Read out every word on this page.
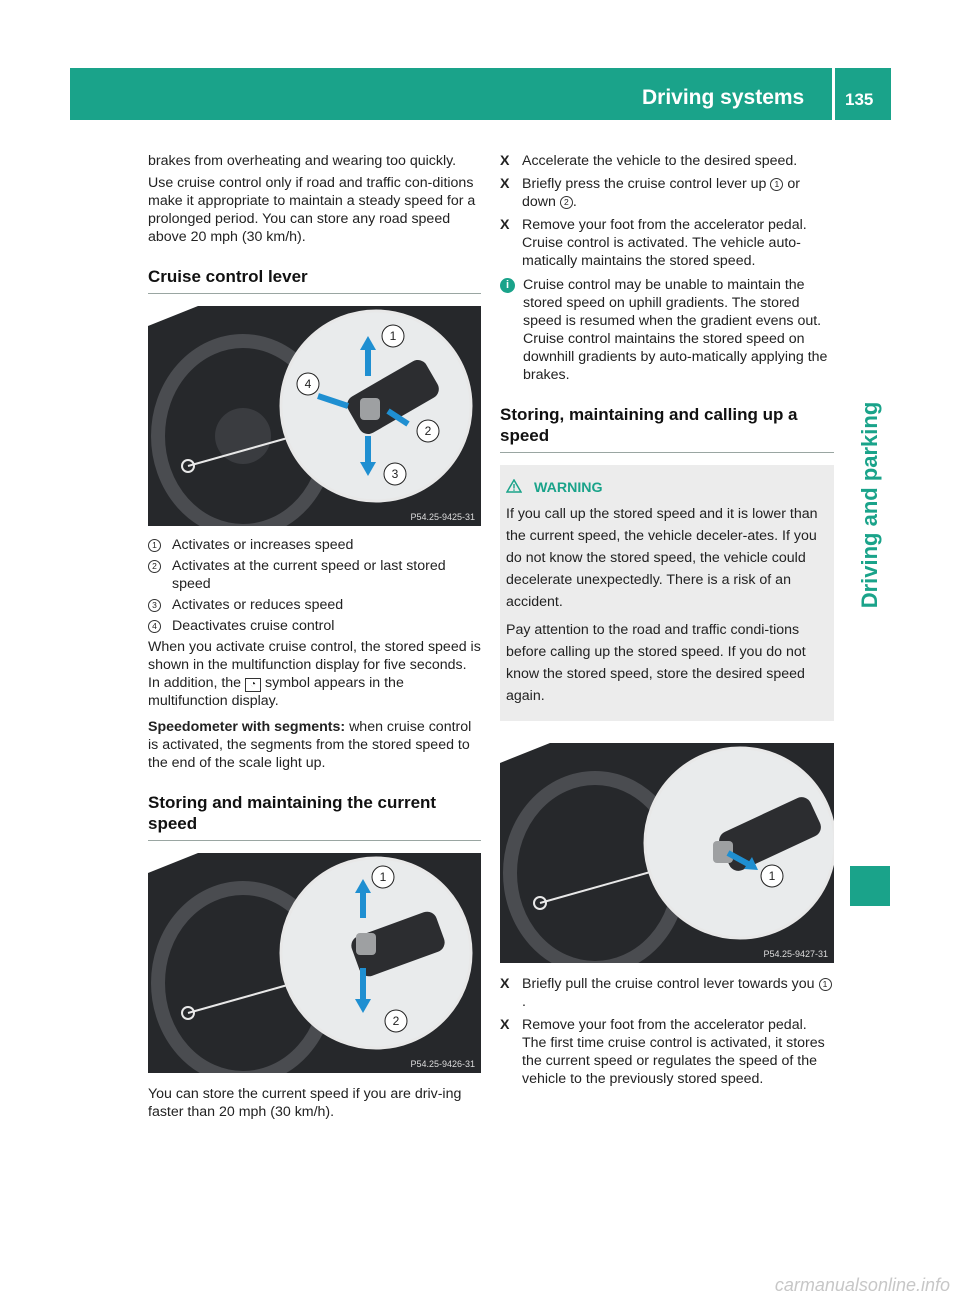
Driving systems 135
Driving and parking

brakes from overheating and wearing too quickly.

Use cruise control only if road and traffic con-ditions make it appropriate to maintain a steady speed for a prolonged period. You can store any road speed above 20 mph (30 km/h).

Cruise control lever
1
2
3
4
P54.25-9425-31
1	Activates or increases speed
2	Activates at the current speed or last stored speed
3	Activates or reduces speed
4	Deactivates cruise control

When you activate cruise control, the stored speed is shown in the multifunction display for five seconds. In addition, the ◔ symbol appears in the multifunction display.

Speedometer with segments: when cruise control is activated, the segments from the stored speed to the end of the scale light up.

Storing and maintaining the current speed
1
2
P54.25-9426-31

You can store the current speed if you are driv-ing faster than 20 mph (30 km/h).

X Accelerate the vehicle to the desired speed.
X Briefly press the cruise control lever up 1 or down 2 .
X Remove your foot from the accelerator pedal. Cruise control is activated. The vehicle auto-matically maintains the stored speed.
i Cruise control may be unable to maintain the stored speed on uphill gradients. The stored speed is resumed when the gradient evens out. Cruise control maintains the stored speed on downhill gradients by auto-matically applying the brakes.
Storing, maintaining and calling up a speed
WARNING

If you call up the stored speed and it is lower than the current speed, the vehicle deceler-ates. If you do not know the stored speed, the vehicle could decelerate unexpectedly. There is a risk of an accident.

Pay attention to the road and traffic condi-tions before calling up the stored speed. If you do not know the stored speed, store the desired speed again.

1
P54.25-9427-31
X Briefly pull the cruise control lever towards you 1.
X Remove your foot from the accelerator pedal. The first time cruise control is activated, it stores the current speed or regulates the speed of the vehicle to the previously stored speed.
carmanualsonline.info
